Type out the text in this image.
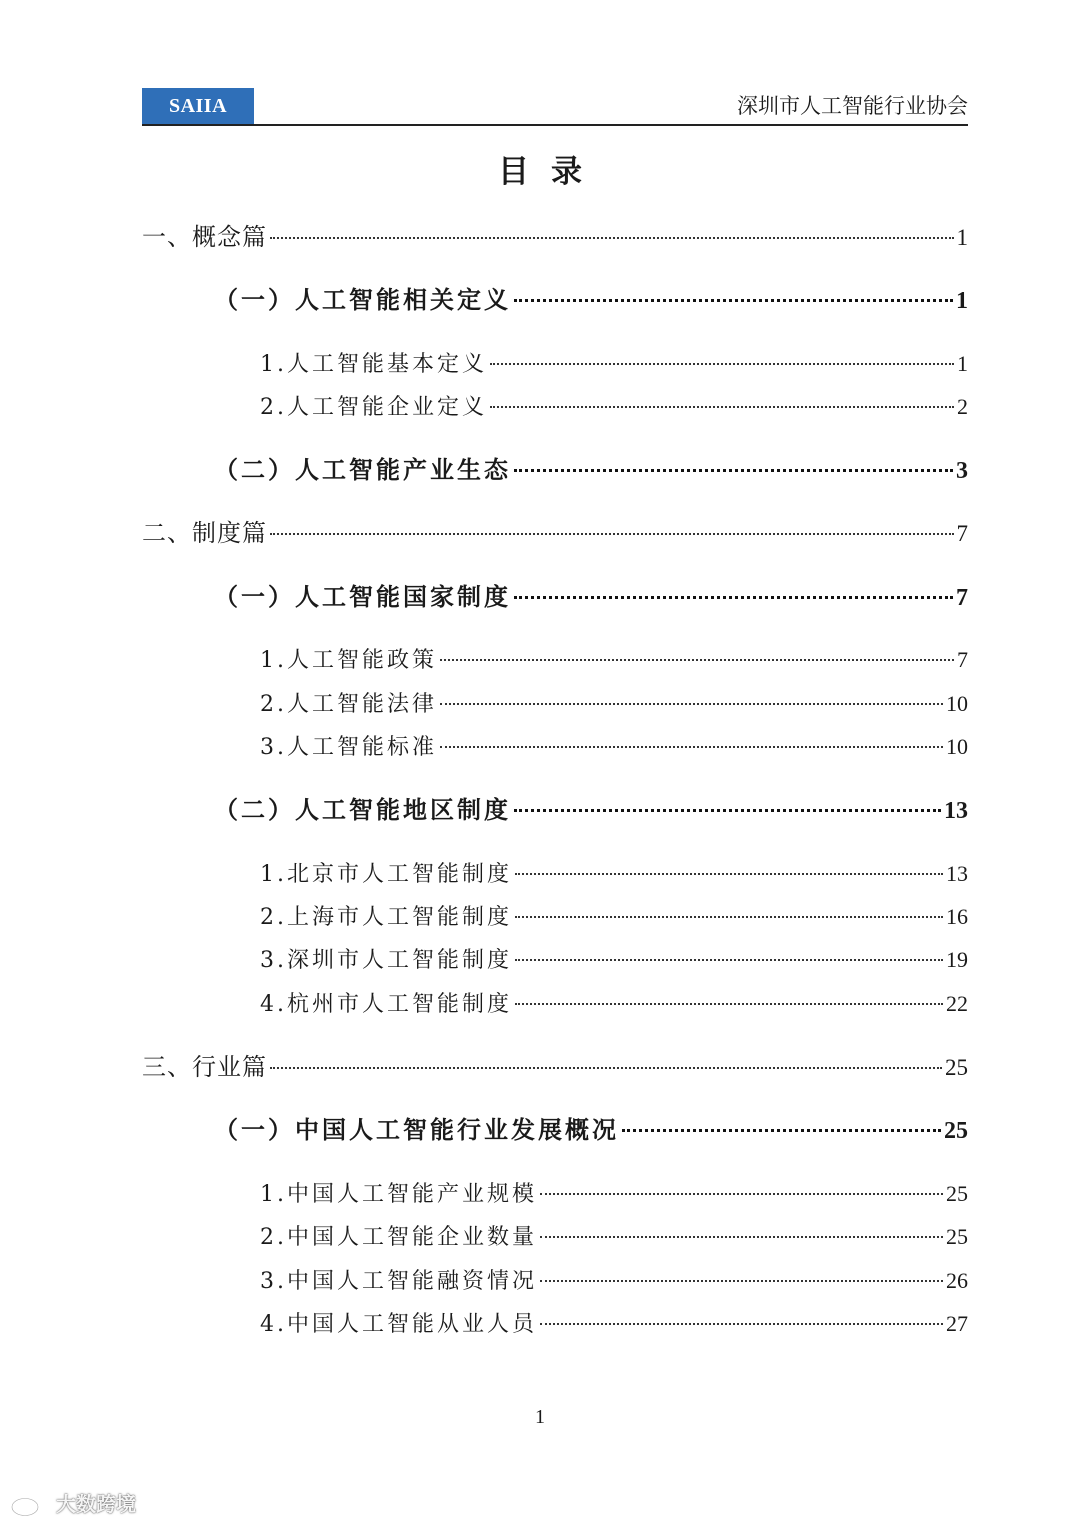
SAIIA	深圳市人工智能行业协会
目录
一、概念篇	1
（一）人工智能相关定义	1
1.人工智能基本定义	1
2.人工智能企业定义	2
（二）人工智能产业生态	3
二、制度篇	7
（一）人工智能国家制度	7
1.人工智能政策	7
2.人工智能法律	10
3.人工智能标准	10
（二）人工智能地区制度	13
1.北京市人工智能制度	13
2.上海市人工智能制度	16
3.深圳市人工智能制度	19
4.杭州市人工智能制度	22
三、行业篇	25
（一）中国人工智能行业发展概况	25
1.中国人工智能产业规模	25
2.中国人工智能企业数量	25
3.中国人工智能融资情况	26
4.中国人工智能从业人员	27
1
大数跨境
